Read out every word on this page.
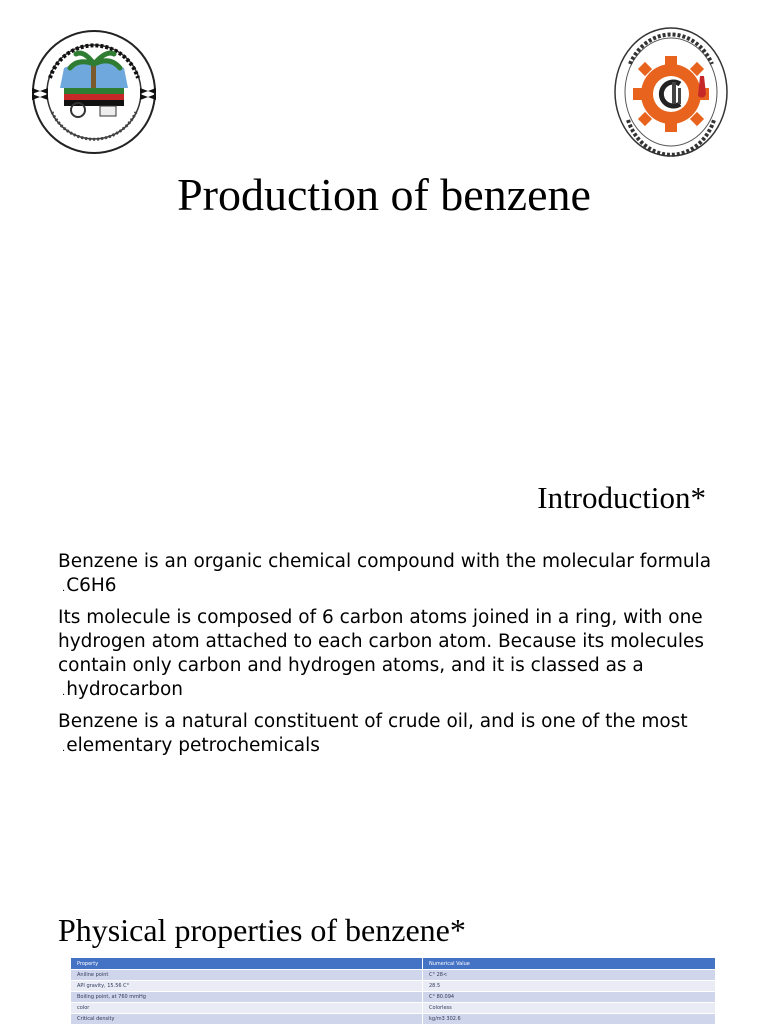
Production of benzene
Introduction*

Benzene is an organic chemical compound with the molecular formula
.C6H6

Its molecule is composed of 6 carbon atoms joined in a ring, with one hydrogen atom attached to each carbon atom. Because its molecules contain only carbon and hydrogen atoms, and it is classed as a
.hydrocarbon

Benzene is a natural constituent of crude oil, and is one of the most
.elementary petrochemicals

Physical properties of benzene*
Property	Numerical Value
Aniline point	C° 28<
API gravity, 15.56 C°	28.5
Boiling point, at 760 mmHg	C° 80.094
color	Colorless
Critical density	kg/m3 302.6
